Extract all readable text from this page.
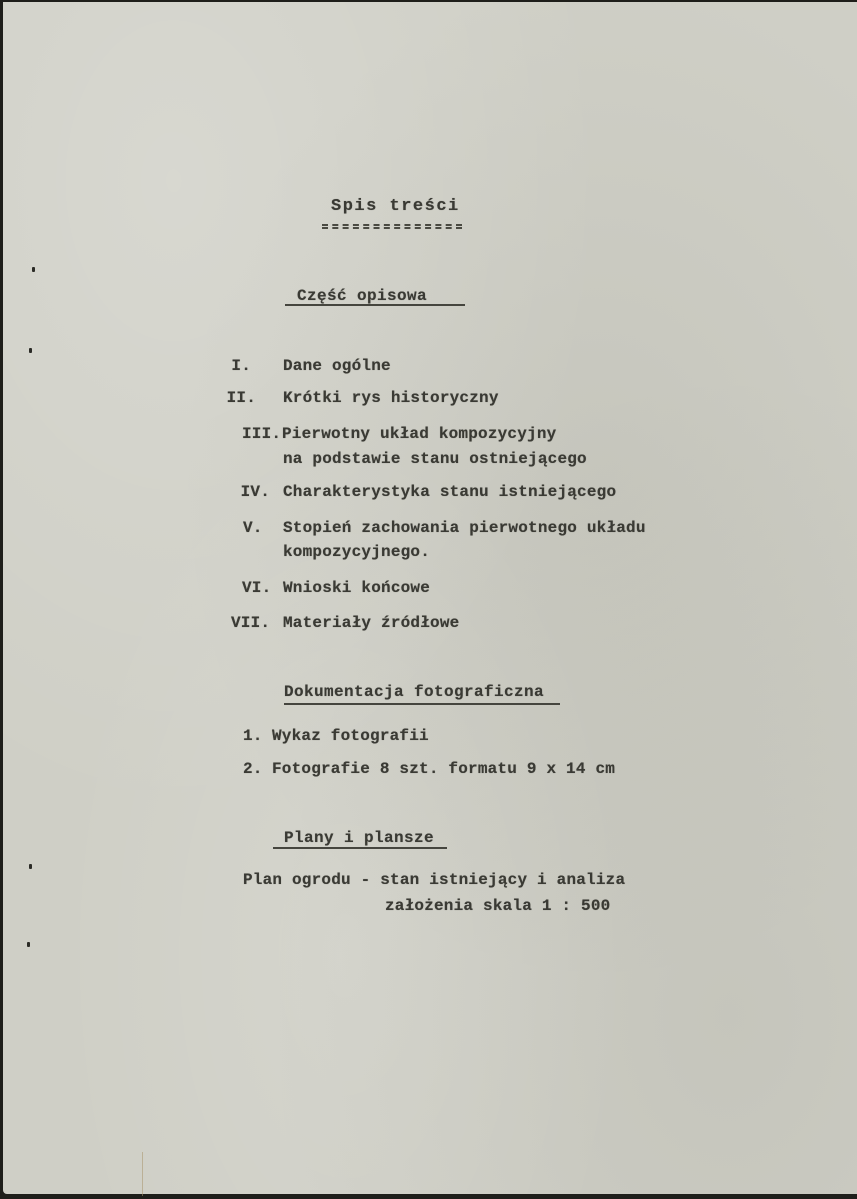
Spis treści
Część opisowa
I. Dane ogólne
II. Krótki rys historyczny
III. Pierwotny układ kompozycyjny
na podstawie stanu ostniejącego
IV. Charakterystyka stanu istniejącego
V. Stopień zachowania pierwotnego układu
kompozycyjnego.
VI. Wnioski końcowe
VII. Materiały źródłowe
Dokumentacja fotograficzna
1. Wykaz fotografii
2. Fotografie 8 szt. formatu 9 x 14 cm
Plany i plansze
Plan ogrodu - stan istniejący i analiza
założenia skala 1 : 500
